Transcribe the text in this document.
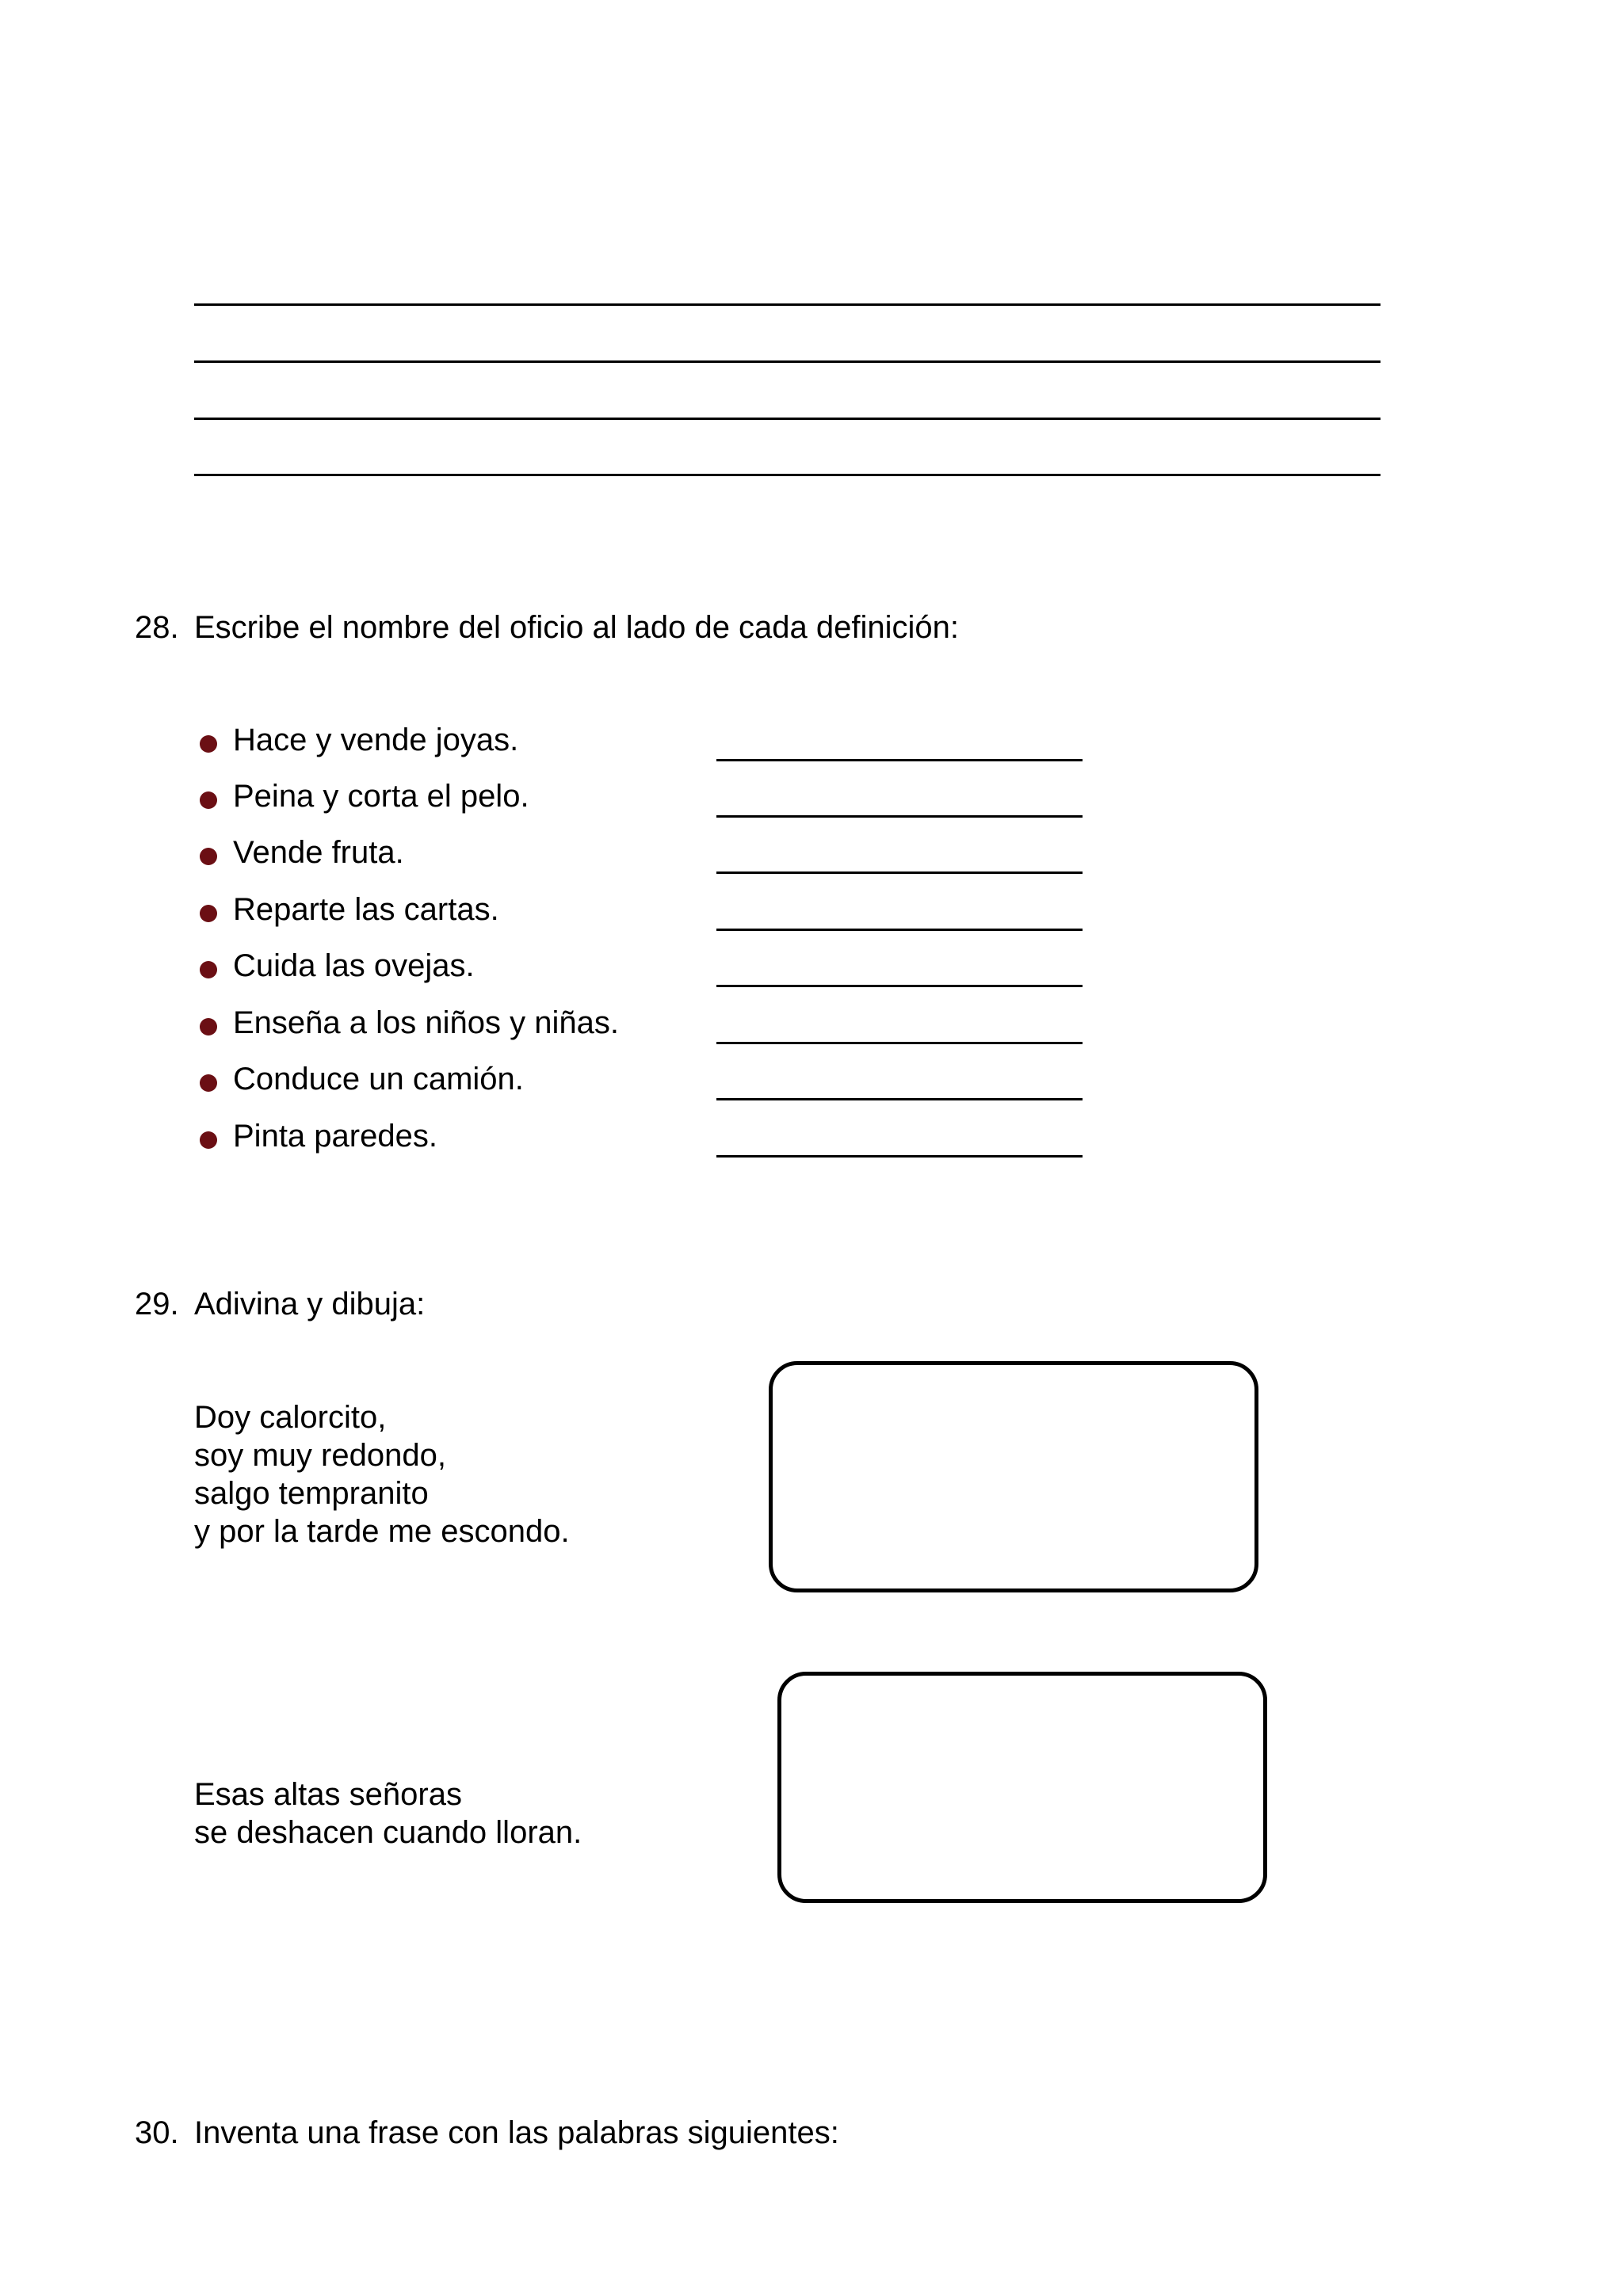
28. Escribe el nombre del oficio al lado de cada definición:
Hace y vende joyas.
Peina y corta el pelo.
Vende fruta.
Reparte las cartas.
Cuida las ovejas.
Enseña a los niños y niñas.
Conduce un camión.
Pinta paredes.
29. Adivina y dibuja:
Doy calorcito,
soy muy redondo,
salgo tempranito
y por la tarde me escondo.
Esas altas señoras
se deshacen cuando lloran.
30. Inventa una frase con las palabras siguientes:
